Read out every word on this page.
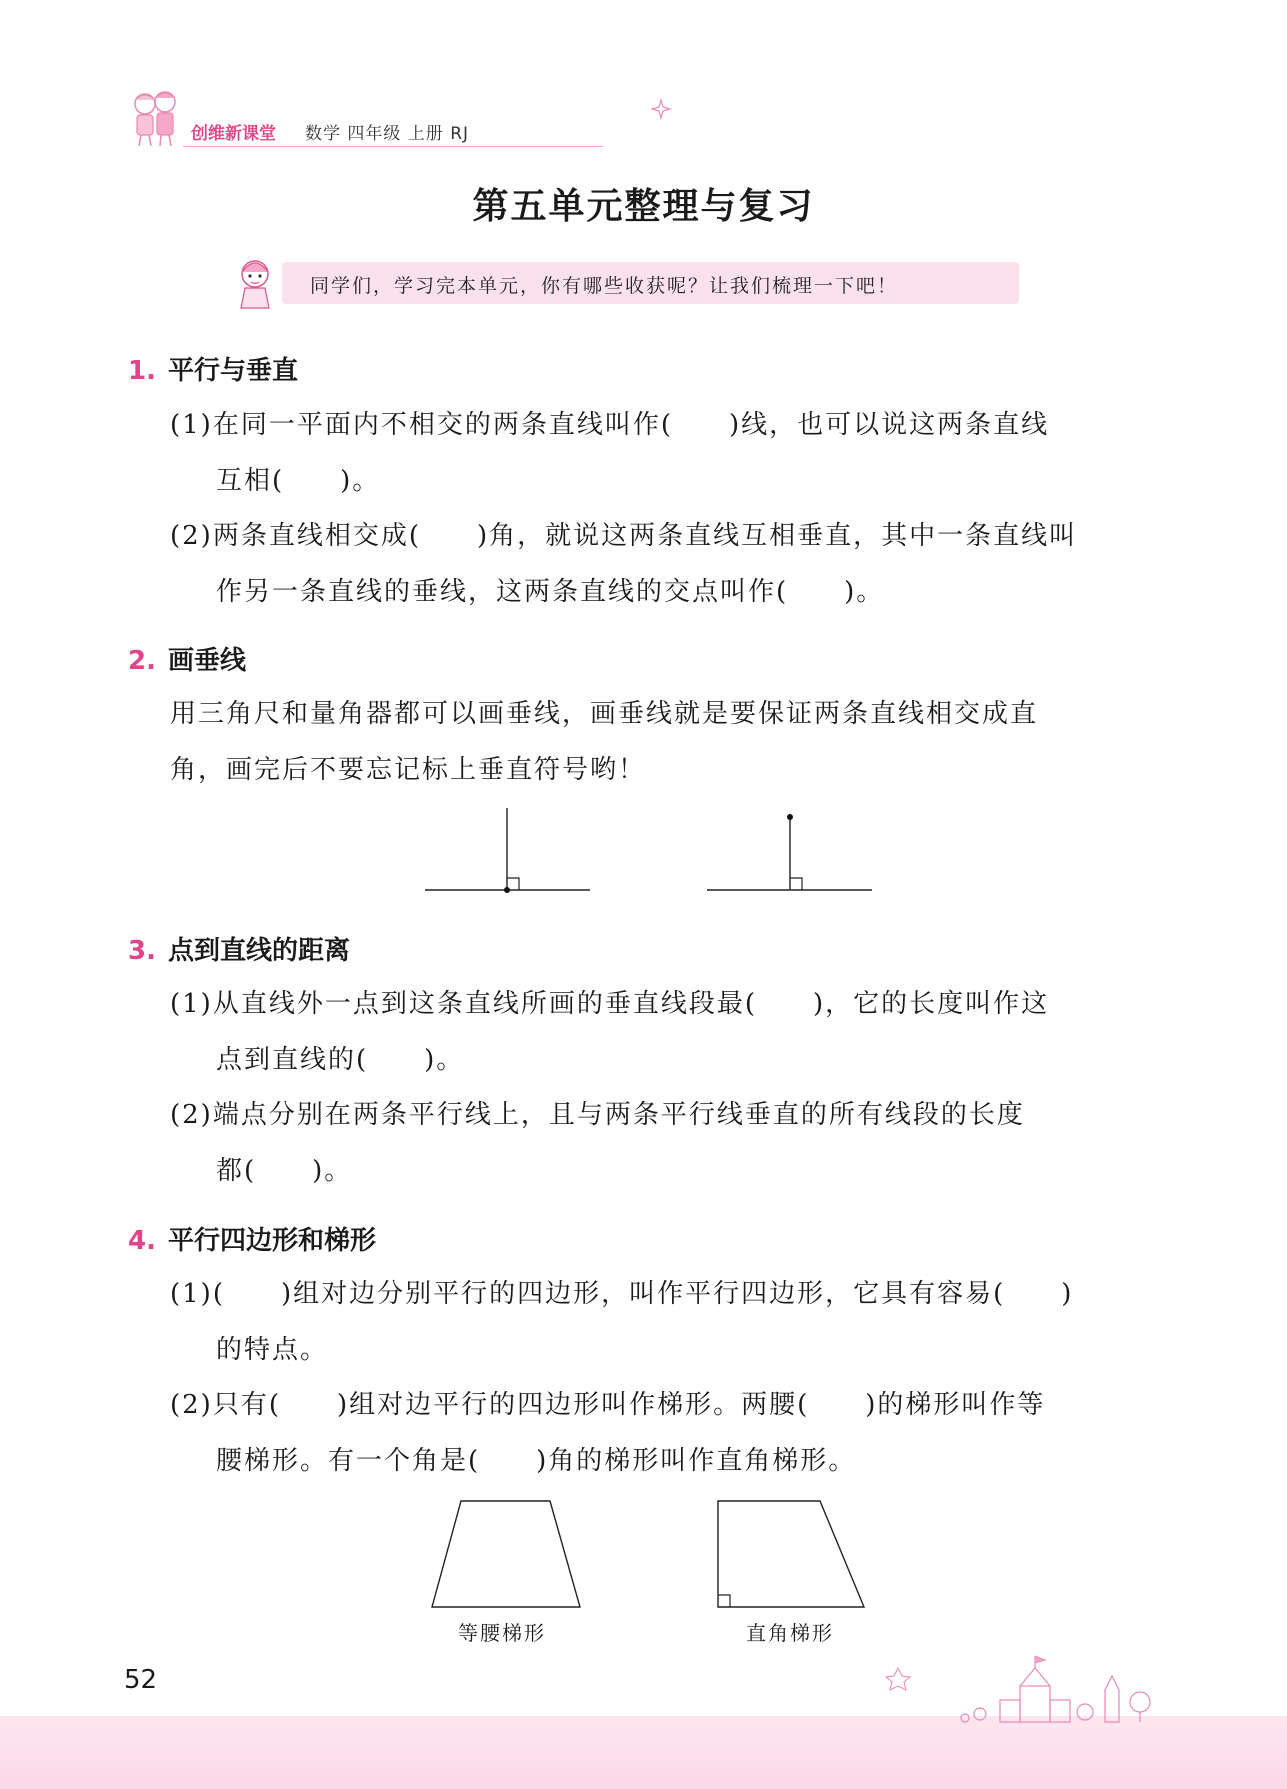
创维新课堂 数学 四年级 上册 RJ
第五单元整理与复习
同学们，学习完本单元，你有哪些收获呢？让我们梳理一下吧！
1. 平行与垂直
(1)在同一平面内不相交的两条直线叫作(　　)线，也可以说这两条直线
互相(　　)。
(2)两条直线相交成(　　)角，就说这两条直线互相垂直，其中一条直线叫
作另一条直线的垂线，这两条直线的交点叫作(　　)。
2. 画垂线
用三角尺和量角器都可以画垂线，画垂线就是要保证两条直线相交成直
角，画完后不要忘记标上垂直符号哟！
3. 点到直线的距离
(1)从直线外一点到这条直线所画的垂直线段最(　　)，它的长度叫作这
点到直线的(　　)。
(2)端点分别在两条平行线上，且与两条平行线垂直的所有线段的长度
都(　　)。
4. 平行四边形和梯形
(1)(　　)组对边分别平行的四边形，叫作平行四边形，它具有容易(　　)
的特点。
(2)只有(　　)组对边平行的四边形叫作梯形。两腰(　　)的梯形叫作等
腰梯形。有一个角是(　　)角的梯形叫作直角梯形。
等腰梯形	直角梯形
52
